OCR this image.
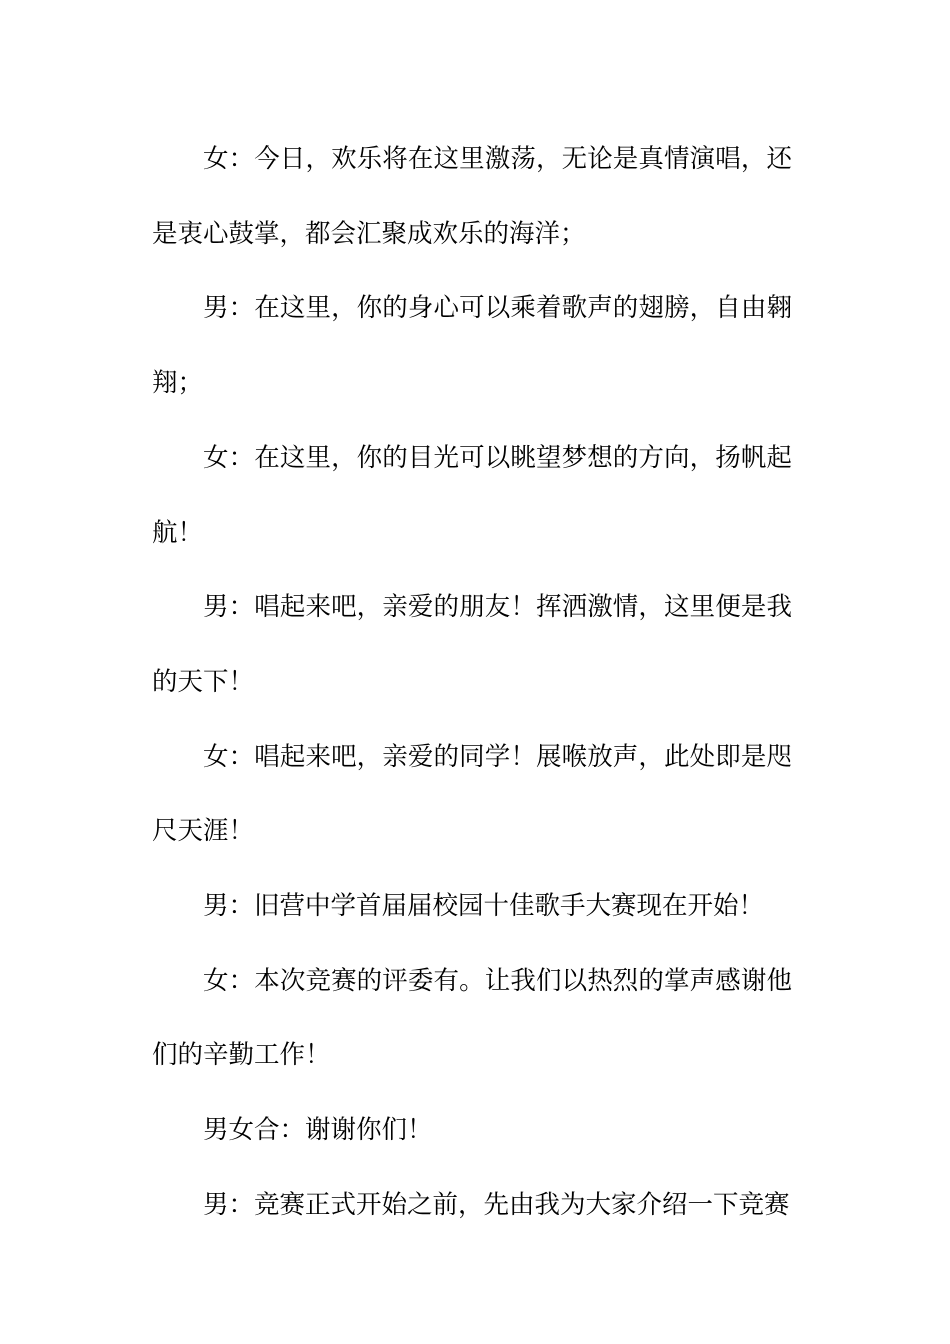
女：今日，欢乐将在这里激荡，无论是真情演唱，还是衷心鼓掌，都会汇聚成欢乐的海洋；

男：在这里，你的身心可以乘着歌声的翅膀，自由翱翔；

女：在这里，你的目光可以眺望梦想的方向，扬帆起航！

男：唱起来吧，亲爱的朋友！挥洒激情，这里便是我的天下！

女：唱起来吧，亲爱的同学！展喉放声，此处即是咫尺天涯！

男：旧营中学首届届校园十佳歌手大赛现在开始！

女：本次竞赛的评委有。让我们以热烈的掌声感谢他们的辛勤工作！

男女合：谢谢你们！

男：竞赛正式开始之前，先由我为大家介绍一下竞赛
